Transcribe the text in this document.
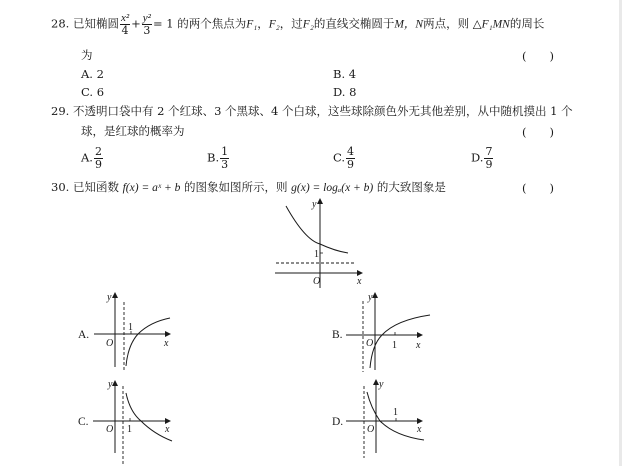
28. 已知椭圆 $\frac{\text{x²}}{4} + \frac{\text{y²}}{3} = 1$ 的两个焦点为F₁，F₂，过F₂的直线交椭圆于M，N两点，则 △F₁MN的周长
为	(　　)
A. 2	B. 4
C. 6	D. 8
29. 不透明口袋中有 2 个红球、3 个黑球、4 个白球，这些球除颜色外无其他差别，从中随机摸出 1 个
球，是红球的概率为	(　　)
A. $\frac{2}{9}$	B. $\frac{1}{3}$	C. $\frac{4}{9}$	D. $\frac{7}{9}$
30. 已知函数 f(x) = aˣ + b 的图象如图所示，则 g(x) = logₐ(x + b) 的大致图象是	(　　)
y
1
O	x
A.
y
1
O	x
B.
y
1
O	x
C.
y
1
O	x
D.
y
1
O	x
